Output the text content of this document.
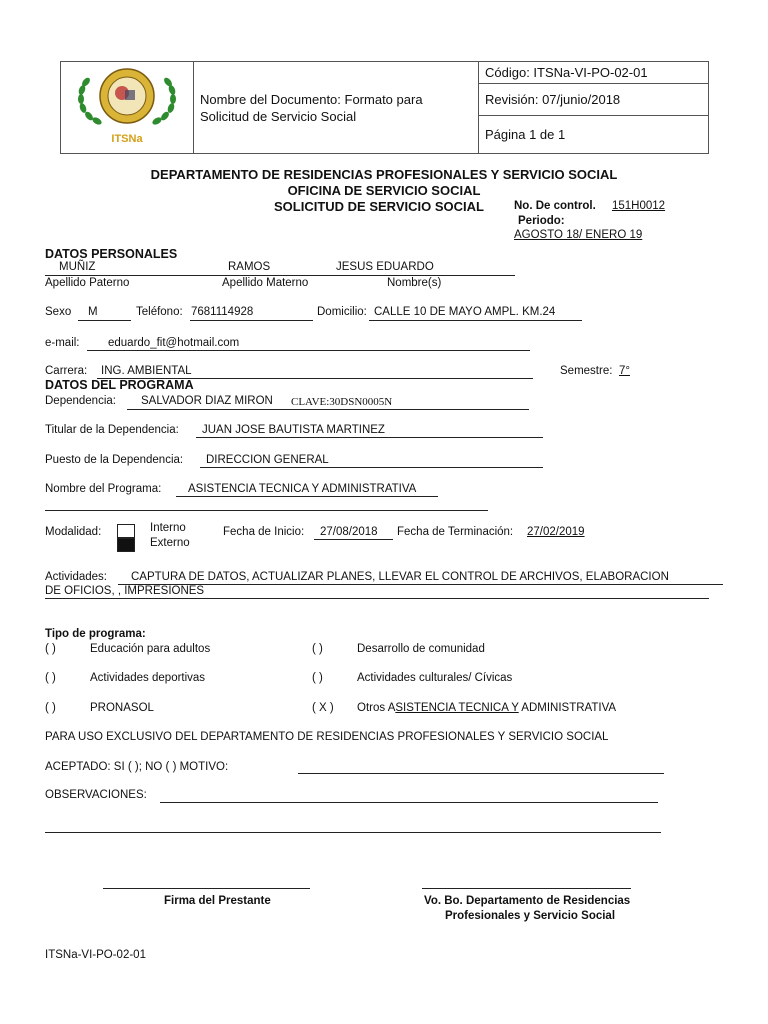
ITSNa

Nombre del Documento: Formato para Solicitud de Servicio Social
	Código: ITSNa-VI-PO-02-01
Revisión: 07/junio/2018
Página 1 de 1
DEPARTAMENTO DE RESIDENCIAS PROFESIONALES Y SERVICIO SOCIAL
OFICINA DE SERVICIO SOCIAL
SOLICITUD DE SERVICIO SOCIAL	No. De control. 151H0012
Periodo:
AGOSTO 18/ ENERO 19
DATOS PERSONALES
MUÑIZ	RAMOS	JESUS EDUARDO
Apellido Paterno	Apellido Materno	Nombre(s)
Sexo M	Teléfono: 7681114928	Domicilio: CALLE 10 DE MAYO AMPL. KM.24
e-mail: eduardo_fit@hotmail.com
Carrera: ING. AMBIENTAL	Semestre: 7°
DATOS DEL PROGRAMA
Dependencia: SALVADOR DIAZ MIRON CLAVE:30DSN0005N
Titular de la Dependencia: JUAN JOSE BAUTISTA MARTINEZ
Puesto de la Dependencia: DIRECCION GENERAL
Nombre del Programa: ASISTENCIA TECNICA Y ADMINISTRATIVA
Modalidad:	Interno
Externo
Fecha de Inicio: 27/08/2018 Fecha de Terminación: 27/02/2019
Actividades: CAPTURA DE DATOS, ACTUALIZAR PLANES, LLEVAR EL CONTROL DE ARCHIVOS, ELABORACION
DE OFICIOS, , IMPRESIONES
Tipo de programa:
( )	Educación para adultos	( )	Desarrollo de comunidad
( )	Actividades deportivas	( )	Actividades culturales/ Cívicas
( )	PRONASOL	( X ) Otros ASISTENCIA TECNICA Y ADMINISTRATIVA
PARA USO EXCLUSIVO DEL DEPARTAMENTO DE RESIDENCIAS PROFESIONALES Y SERVICIO SOCIAL
ACEPTADO: SI ( ); NO ( ) MOTIVO:
OBSERVACIONES:
Firma del Prestante	Vo. Bo. Departamento de Residencias
Profesionales y Servicio Social
ITSNa-VI-PO-02-01
